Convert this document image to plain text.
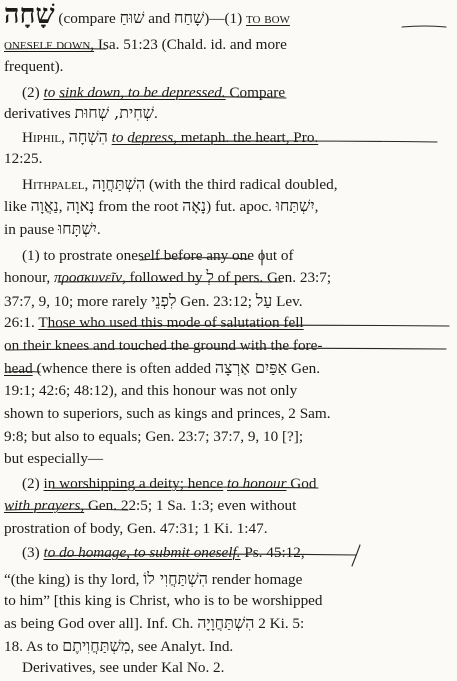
שָׁחָה (compare שׁוּחַ and שָׁחַח)—(1) to bow
oneself down, Isa. 51:23 (Chald. id. and more
frequent).
(2) to sink down, to be depressed. Compare
derivatives שְׁחִית, שְׁחוּת.
Hiphil, הִשְׁחָה to depress, metaph. the heart, Pro.
12:25.
Hithpalel, הִשְׁתַּחֲוָה (with the third radical doubled,
like נַאֲוָה, נָאוָה from the root נָאָה) fut. apoc. יִשְׁתַּחוּ,
in pause יִשְׁתָּחוּ.
(1) to prostrate oneself before any one out of
honour, προσκυνεῖν, followed by לְ of pers. Gen. 23:7;
37:7, 9, 10; more rarely לִפְנֵי Gen. 23:12; עַל Lev.
26:1. Those who used this mode of salutation fell
on their knees and touched the ground with the fore-
head (whence there is often added אַפַּיִם אַרְצָה Gen.
19:1; 42:6; 48:12), and this honour was not only
shown to superiors, such as kings and princes, 2 Sam.
9:8; but also to equals; Gen. 23:7; 37:7, 9, 10 [?];
but especially—
(2) in worshipping a deity; hence to honour God
with prayers, Gen. 22:5; 1 Sa. 1:3; even without
prostration of body, Gen. 47:31; 1 Ki. 1:47.
(3) to do homage, to submit oneself. Ps. 45:12,
“(the king) is thy lord, הִשְׁתַּחֲוִי לוֹ render homage
to him” [this king is Christ, who is to be worshipped
as being God over all]. Inf. Ch. הִשְׁתַּחֲוָיָה 2 Ki. 5:
18. As to מִשְׁתַּחֲוִיתֶם, see Analyt. Ind.
Derivatives, see under Kal No. 2.
